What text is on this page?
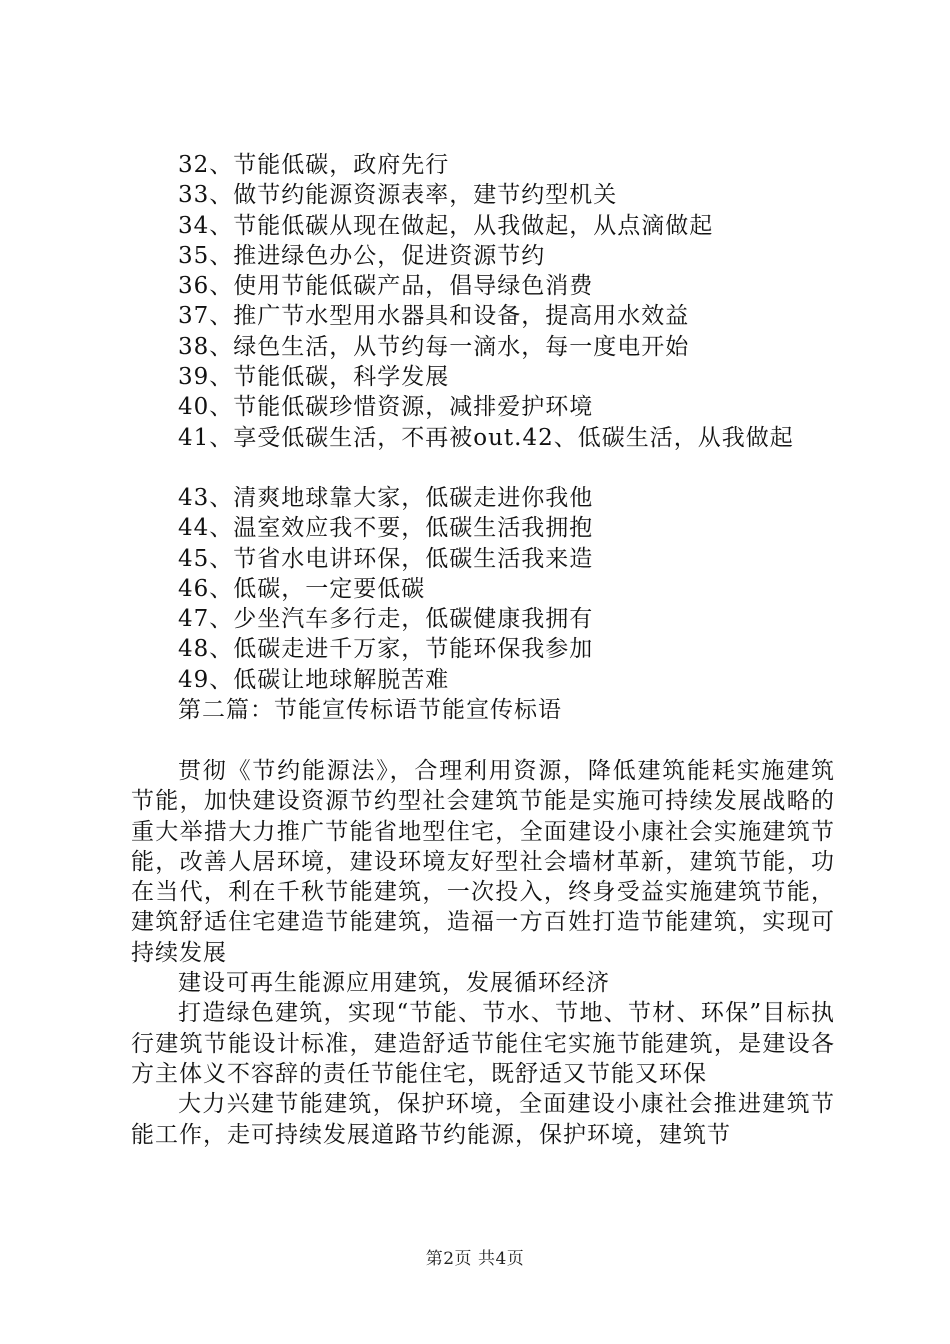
32、节能低碳，政府先行
33、做节约能源资源表率，建节约型机关
34、节能低碳从现在做起，从我做起，从点滴做起
35、推进绿色办公，促进资源节约
36、使用节能低碳产品，倡导绿色消费
37、推广节水型用水器具和设备，提高用水效益
38、绿色生活，从节约每一滴水，每一度电开始
39、节能低碳，科学发展
40、节能低碳珍惜资源，减排爱护环境
41、享受低碳生活，不再被out.42、低碳生活，从我做起
43、清爽地球靠大家，低碳走进你我他
44、温室效应我不要，低碳生活我拥抱
45、节省水电讲环保，低碳生活我来造
46、低碳，一定要低碳
47、少坐汽车多行走，低碳健康我拥有
48、低碳走进千万家，节能环保我参加
49、低碳让地球解脱苦难
第二篇：节能宣传标语节能宣传标语

贯彻《节约能源法》，合理利用资源，降低建筑能耗实施建筑节能，加快建设资源节约型社会建筑节能是实施可持续发展战略的重大举措大力推广节能省地型住宅，全面建设小康社会实施建筑节能，改善人居环境，建设环境友好型社会墙材革新，建筑节能，功在当代，利在千秋节能建筑，一次投入，终身受益实施建筑节能，建筑舒适住宅建造节能建筑，造福一方百姓打造节能建筑，实现可持续发展

建设可再生能源应用建筑，发展循环经济

打造绿色建筑，实现“节能、节水、节地、节材、环保”目标执行建筑节能设计标准，建造舒适节能住宅实施节能建筑，是建设各方主体义不容辞的责任节能住宅，既舒适又节能又环保

大力兴建节能建筑，保护环境，全面建设小康社会推进建筑节能工作，走可持续发展道路节约能源，保护环境，建筑节

第2页 共4页
